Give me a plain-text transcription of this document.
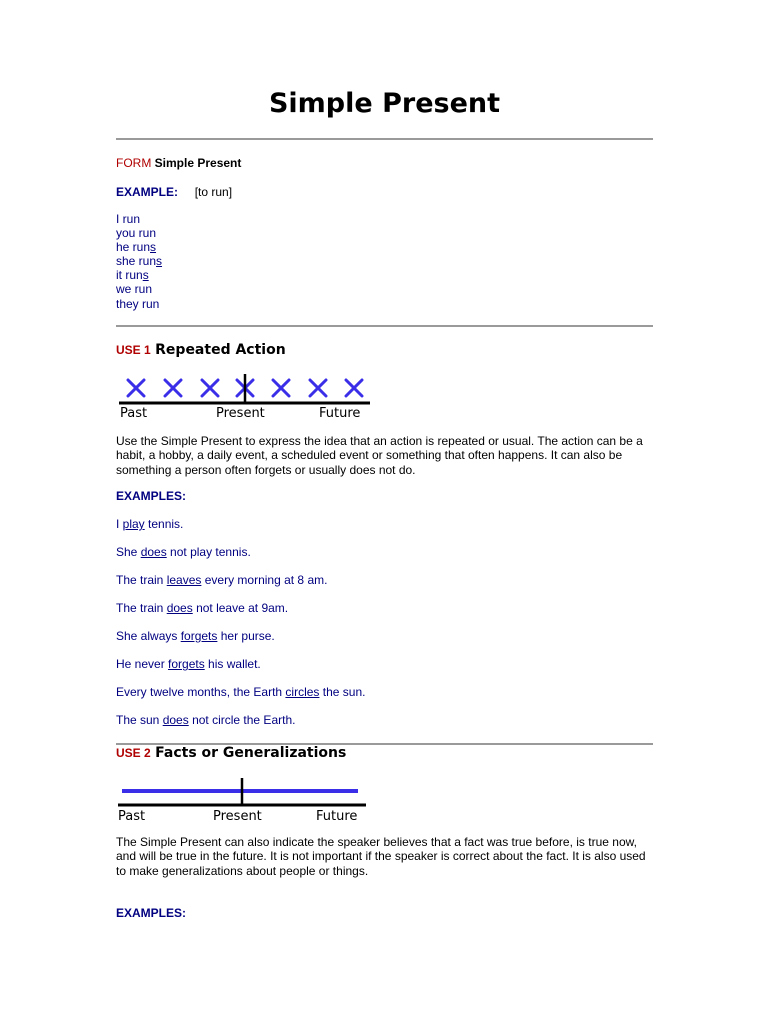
Simple Present
FORM Simple Present
EXAMPLE: [to run]
I run
you run
he runs
she runs
it runs
we run
they run
USE 1 Repeated Action
Past	Present	Future
Use the Simple Present to express the idea that an action is repeated or usual. The action can be a habit, a hobby, a daily event, a scheduled event or something that often happens. It can also be something a person often forgets or usually does not do.
EXAMPLES:
I play tennis.
She does not play tennis.
The train leaves every morning at 8 am.
The train does not leave at 9am.
She always forgets her purse.
He never forgets his wallet.
Every twelve months, the Earth circles the sun.
The sun does not circle the Earth.
USE 2 Facts or Generalizations
Past	Present	Future
The Simple Present can also indicate the speaker believes that a fact was true before, is true now, and will be true in the future. It is not important if the speaker is correct about the fact. It is also used to make generalizations about people or things.
EXAMPLES:
